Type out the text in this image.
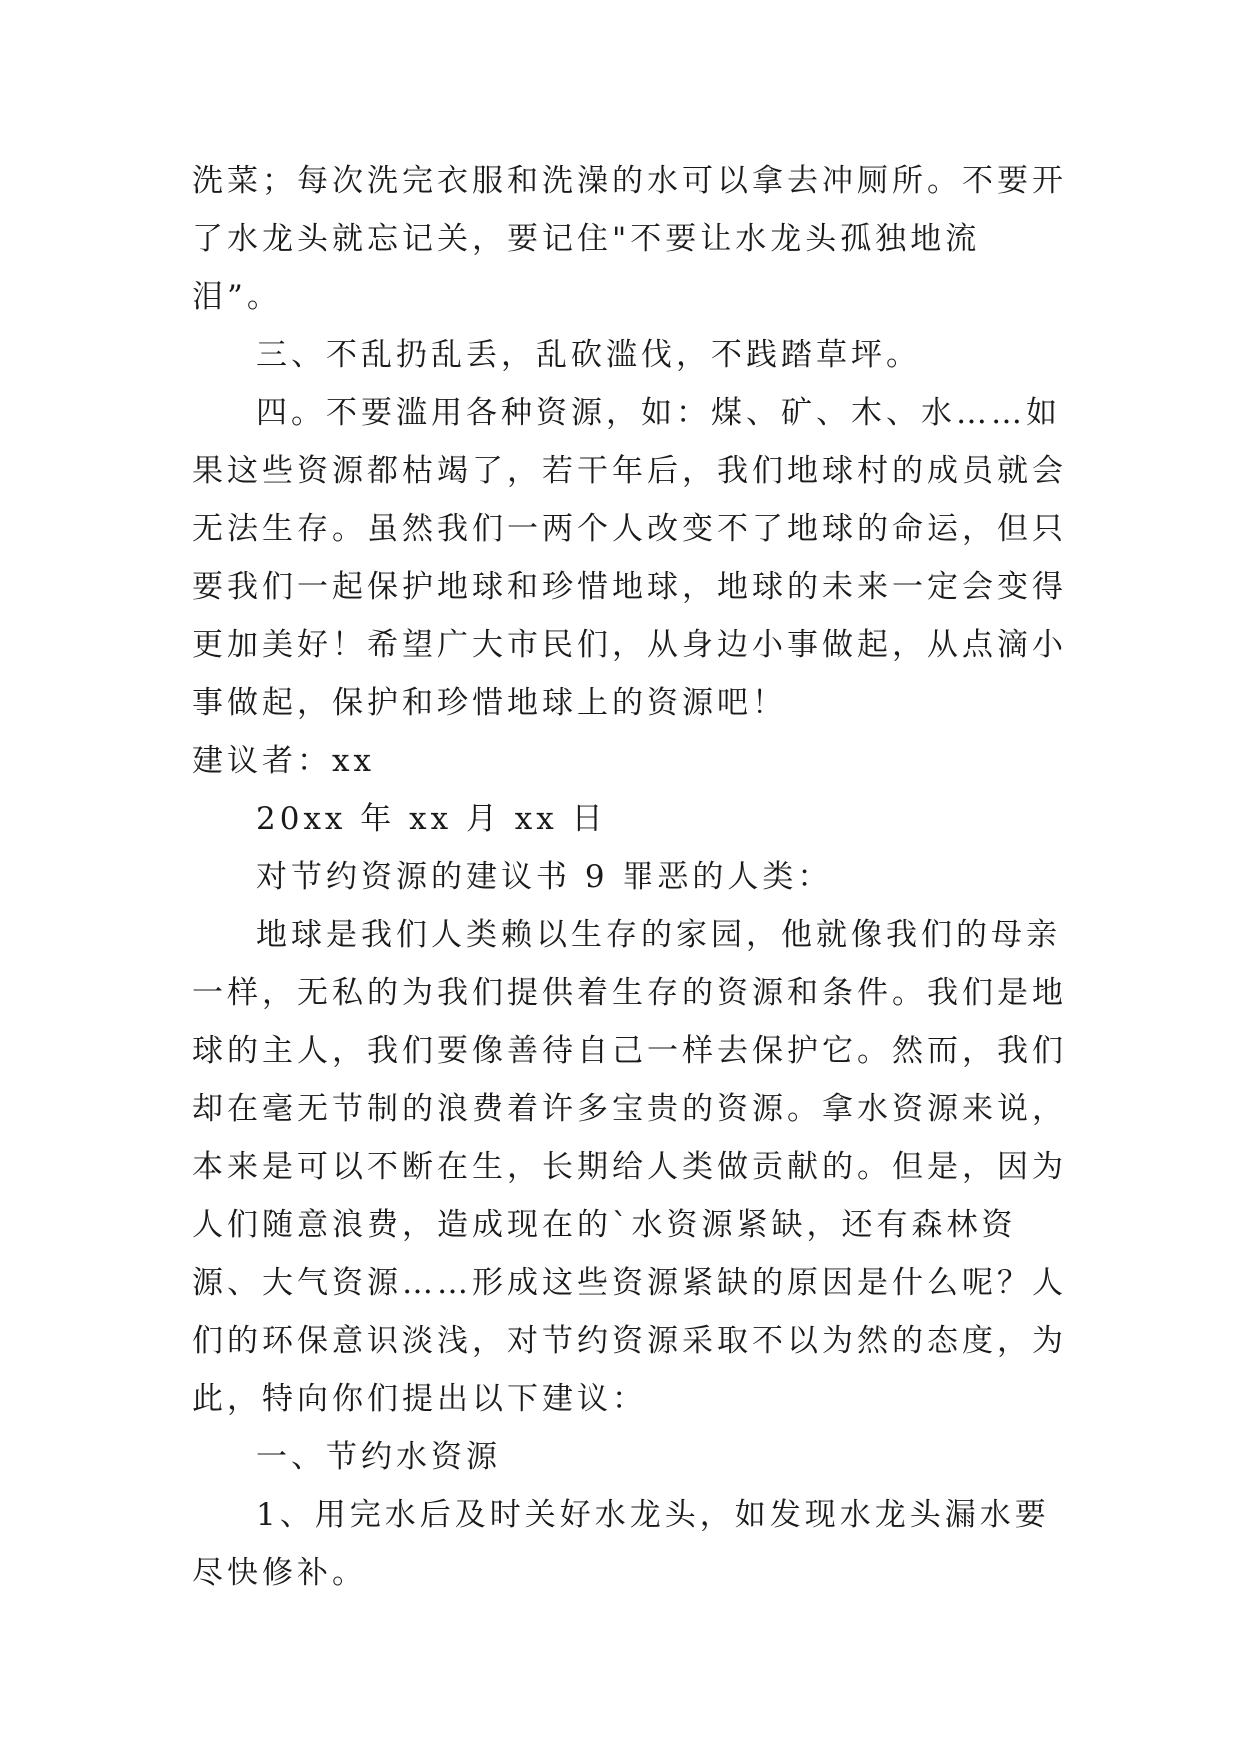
洗菜；每次洗完衣服和洗澡的水可以拿去冲厕所。不要开了水龙头就忘记关，要记住"不要让水龙头孤独地流泪”。

三、不乱扔乱丢，乱砍滥伐，不践踏草坪。

四。不要滥用各种资源，如：煤、矿、木、水……如果这些资源都枯竭了，若干年后，我们地球村的成员就会无法生存。虽然我们一两个人改变不了地球的命运，但只要我们一起保护地球和珍惜地球，地球的未来一定会变得更加美好！希望广大市民们，从身边小事做起，从点滴小事做起，保护和珍惜地球上的资源吧！

建议者：xx

20xx 年 xx 月 xx 日

对节约资源的建议书 9 罪恶的人类：

地球是我们人类赖以生存的家园，他就像我们的母亲一样，无私的为我们提供着生存的资源和条件。我们是地球的主人，我们要像善待自己一样去保护它。然而，我们却在毫无节制的浪费着许多宝贵的资源。拿水资源来说，本来是可以不断在生，长期给人类做贡献的。但是，因为人们随意浪费，造成现在的`水资源紧缺，还有森林资源、大气资源……形成这些资源紧缺的原因是什么呢？人们的环保意识淡浅，对节约资源采取不以为然的态度，为此，特向你们提出以下建议：

一、节约水资源

1、用完水后及时关好水龙头，如发现水龙头漏水要尽快修补。
